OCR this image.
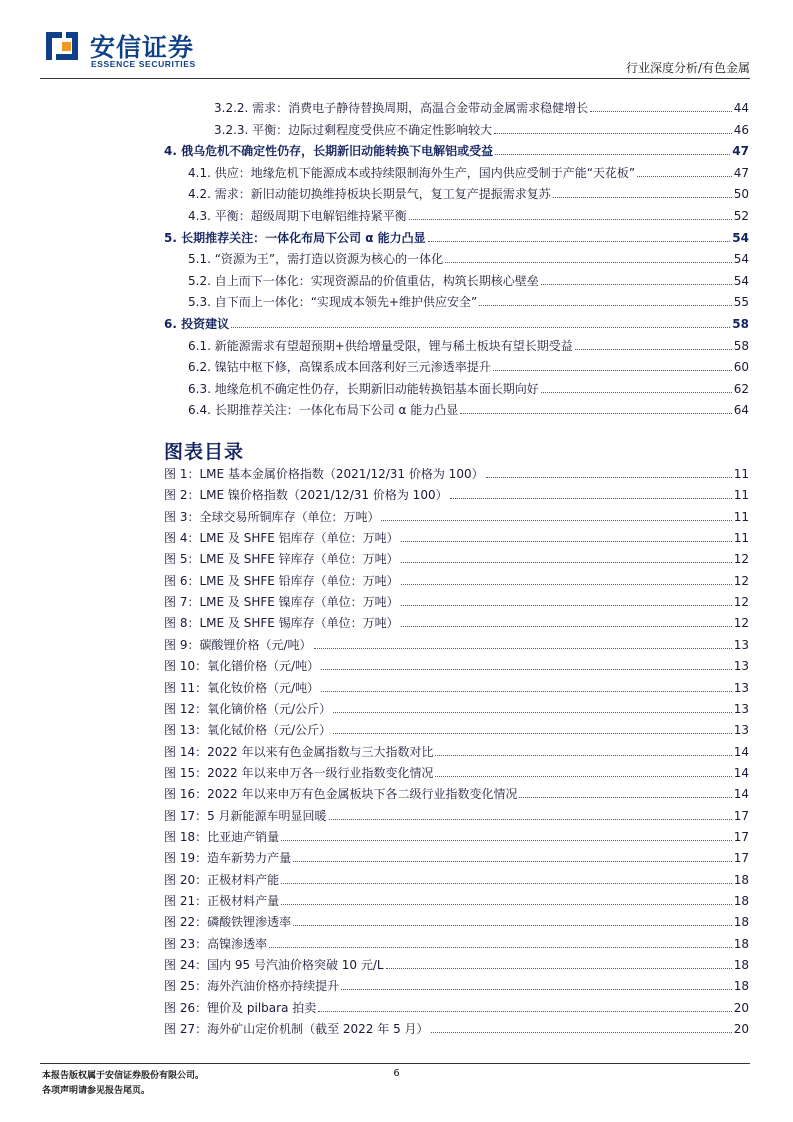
安信证券
ESSENCE SECURITIES	行业深度分析/有色金属
3.2.2. 需求：消费电子静待替换周期，高温合金带动金属需求稳健增长	44
3.2.3. 平衡：边际过剩程度受供应不确定性影响较大	46
4. 俄乌危机不确定性仍存，长期新旧动能转换下电解铝或受益	47
4.1. 供应：地缘危机下能源成本或持续限制海外生产，国内供应受制于产能“天花板”	47
4.2. 需求：新旧动能切换维持板块长期景气，复工复产提振需求复苏	50
4.3. 平衡：超级周期下电解铝维持紧平衡	52
5. 长期推荐关注：一体化布局下公司 α 能力凸显	54
5.1. “资源为王”，需打造以资源为核心的一体化	54
5.2. 自上而下一体化：实现资源品的价值重估，构筑长期核心壁垒	54
5.3. 自下而上一体化：“实现成本领先+维护供应安全”	55
6. 投资建议	58
6.1. 新能源需求有望超预期+供给增量受限，锂与稀土板块有望长期受益	58
6.2. 镍钴中枢下修，高镍系成本回落利好三元渗透率提升	60
6.3. 地缘危机不确定性仍存，长期新旧动能转换铝基本面长期向好	62
6.4. 长期推荐关注：一体化布局下公司 α 能力凸显	64
图表目录
图 1：LME 基本金属价格指数（2021/12/31 价格为 100）	11
图 2：LME 镍价格指数（2021/12/31 价格为 100）	11
图 3：全球交易所铜库存（单位：万吨）	11
图 4：LME 及 SHFE 铝库存（单位：万吨）	11
图 5：LME 及 SHFE 锌库存（单位：万吨）	12
图 6：LME 及 SHFE 铅库存（单位：万吨）	12
图 7：LME 及 SHFE 镍库存（单位：万吨）	12
图 8：LME 及 SHFE 锡库存（单位：万吨）	12
图 9：碳酸锂价格（元/吨）	13
图 10：氧化镨价格（元/吨）	13
图 11：氧化钕价格（元/吨）	13
图 12：氧化镝价格（元/公斤）	13
图 13：氧化铽价格（元/公斤）	13
图 14：2022 年以来有色金属指数与三大指数对比	14
图 15：2022 年以来申万各一级行业指数变化情况	14
图 16：2022 年以来申万有色金属板块下各二级行业指数变化情况	14
图 17：5 月新能源车明显回暖	17
图 18：比亚迪产销量	17
图 19：造车新势力产量	17
图 20：正极材料产能	18
图 21：正极材料产量	18
图 22：磷酸铁锂渗透率	18
图 23：高镍渗透率	18
图 24：国内 95 号汽油价格突破 10 元/L	18
图 25：海外汽油价格亦持续提升	18
图 26：锂价及 pilbara 拍卖	20
图 27：海外矿山定价机制（截至 2022 年 5 月）	20
本报告版权属于安信证券股份有限公司。
各项声明请参见报告尾页。
6
